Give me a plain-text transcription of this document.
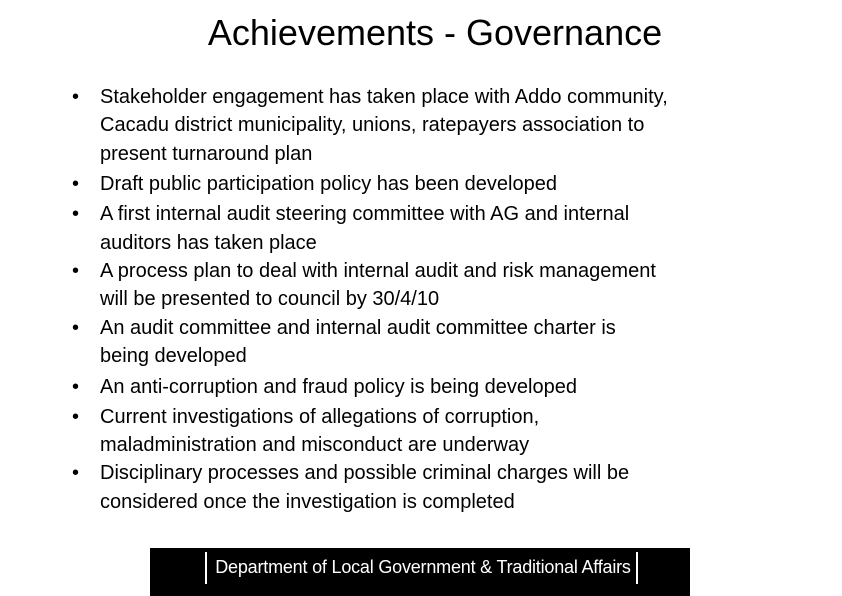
Achievements - Governance
• Stakeholder engagement has taken place with Addo community,
Cacadu district municipality, unions, ratepayers association to
present turnaround plan
• Draft public participation policy has been developed
• A first internal audit steering committee with AG and internal
auditors has taken place
• A process plan to deal with internal audit and risk management
will be presented to council by 30/4/10
• An audit committee and internal audit committee charter is
being developed
• An anti-corruption and fraud policy is being developed
• Current investigations of allegations of corruption,
maladministration and misconduct are underway
• Disciplinary processes and possible criminal charges will be
considered once the investigation is completed
Department of Local Government & Traditional Affairs
